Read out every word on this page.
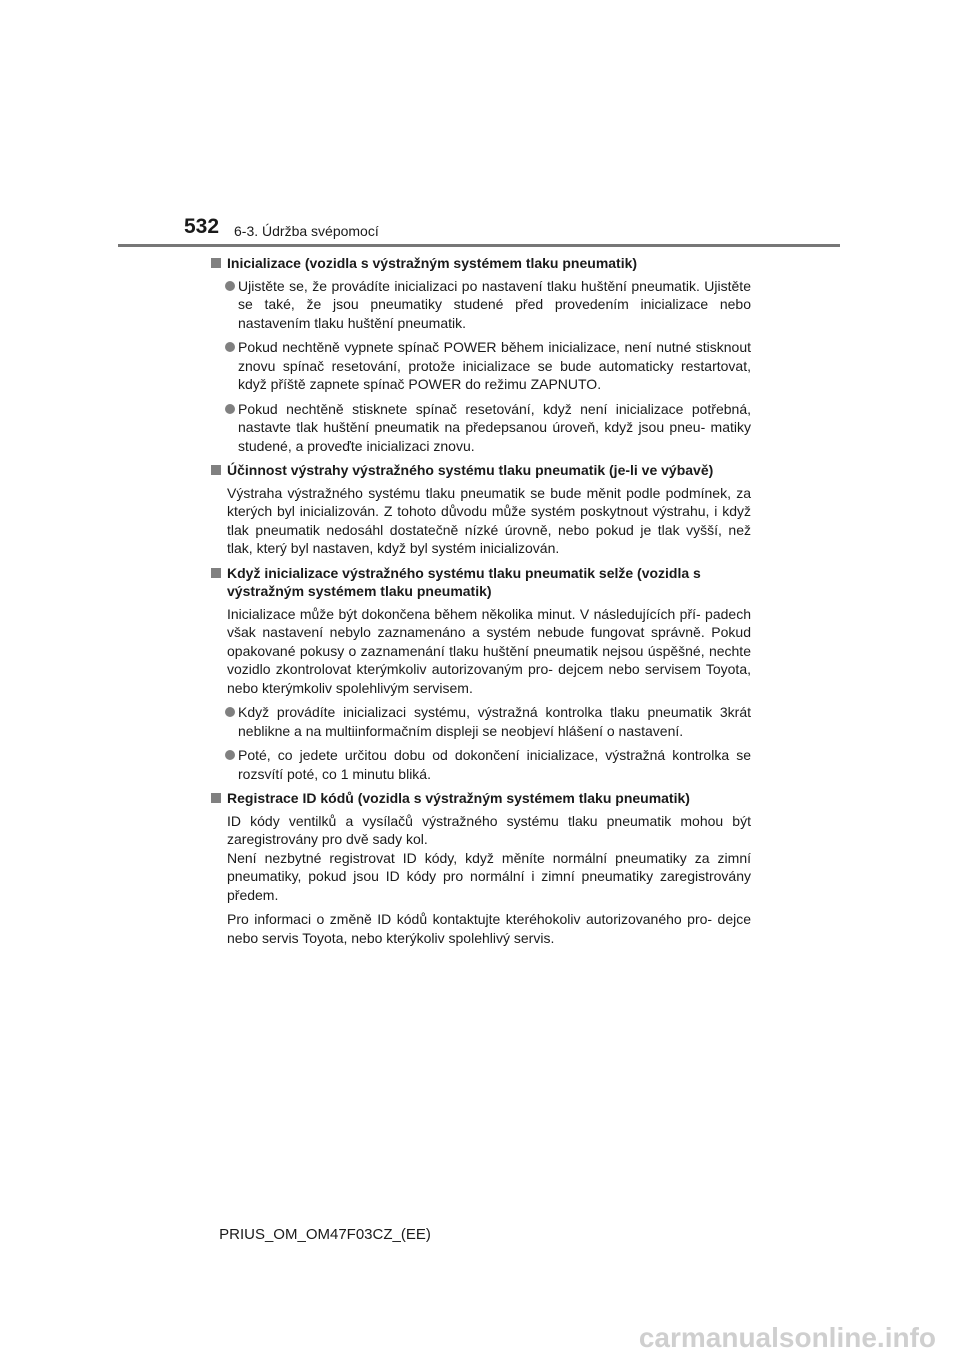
532 6-3. Údržba svépomocí
Inicializace (vozidla s výstražným systémem tlaku pneumatik)
Ujistěte se, že provádíte inicializaci po nastavení tlaku huštění pneumatik. Ujistěte se také, že jsou pneumatiky studené před provedením inicializace nebo nastavením tlaku huštění pneumatik.
Pokud nechtěně vypnete spínač POWER během inicializace, není nutné stisknout znovu spínač resetování, protože inicializace se bude automaticky restartovat, když příště zapnete spínač POWER do režimu ZAPNUTO.
Pokud nechtěně stisknete spínač resetování, když není inicializace potřebná, nastavte tlak huštění pneumatik na předepsanou úroveň, když jsou pneu- matiky studené, a proveďte inicializaci znovu.
Účinnost výstrahy výstražného systému tlaku pneumatik (je-li ve výbavě)
Výstraha výstražného systému tlaku pneumatik se bude měnit podle podmínek, za kterých byl inicializován. Z tohoto důvodu může systém poskytnout výstrahu, i když tlak pneumatik nedosáhl dostatečně nízké úrovně, nebo pokud je tlak vyšší, než tlak, který byl nastaven, když byl systém inicializován.
Když inicializace výstražného systému tlaku pneumatik selže (vozidla s výstražným systémem tlaku pneumatik)
Inicializace může být dokončena během několika minut. V následujících pří- padech však nastavení nebylo zaznamenáno a systém nebude fungovat správně. Pokud opakované pokusy o zaznamenání tlaku huštění pneumatik nejsou úspěšné, nechte vozidlo zkontrolovat kterýmkoliv autorizovaným pro- dejcem nebo servisem Toyota, nebo kterýmkoliv spolehlivým servisem.
Když provádíte inicializaci systému, výstražná kontrolka tlaku pneumatik 3krát neblikne a na multiinformačním displeji se neobjeví hlášení o nastavení.
Poté, co jedete určitou dobu od dokončení inicializace, výstražná kontrolka se rozsvítí poté, co 1 minutu bliká.
Registrace ID kódů (vozidla s výstražným systémem tlaku pneumatik)
ID kódy ventilků a vysílačů výstražného systému tlaku pneumatik mohou být zaregistrovány pro dvě sady kol.
Není nezbytné registrovat ID kódy, když měníte normální pneumatiky za zimní pneumatiky, pokud jsou ID kódy pro normální i zimní pneumatiky zaregistrovány předem.
Pro informaci o změně ID kódů kontaktujte kteréhokoliv autorizovaného pro- dejce nebo servis Toyota, nebo kterýkoliv spolehlivý servis.
PRIUS_OM_OM47F03CZ_(EE)
carmanualsonline.info
